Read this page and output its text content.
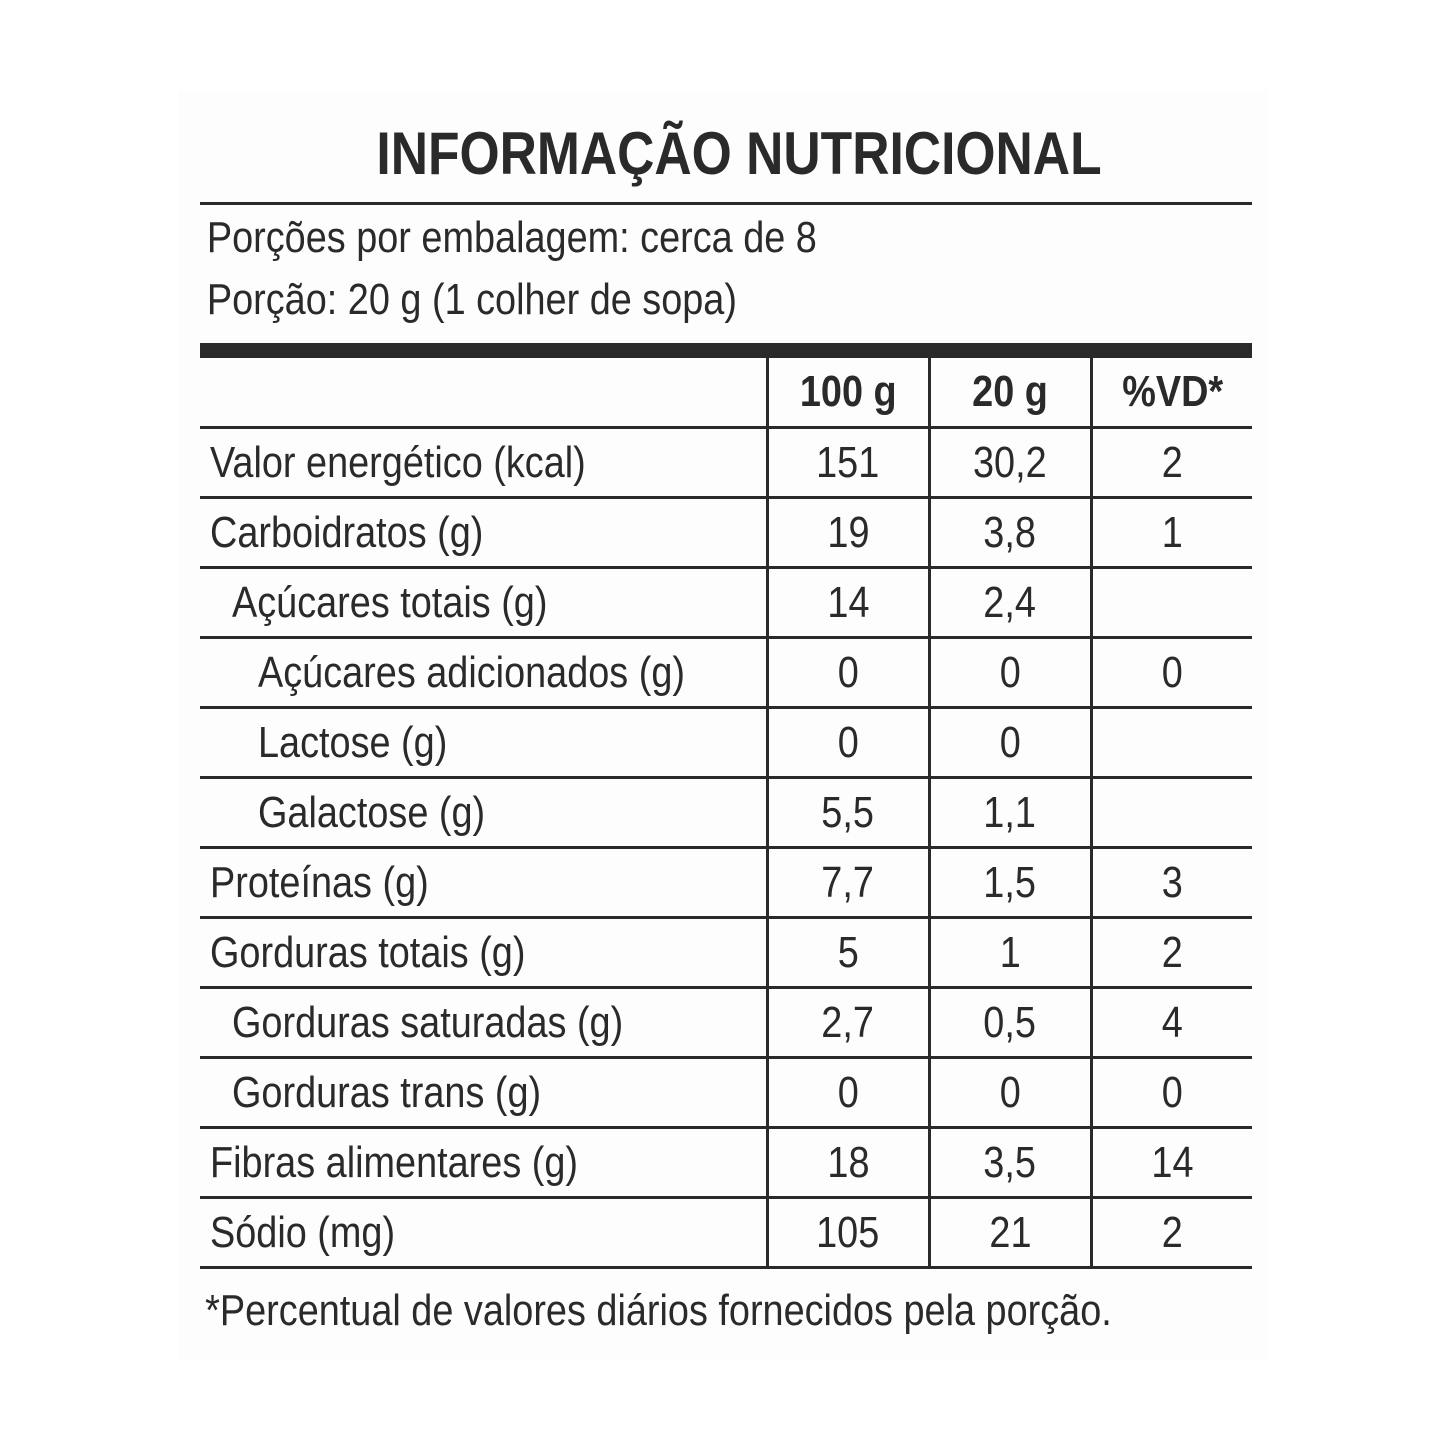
INFORMAÇÃO NUTRICIONAL
Porções por embalagem: cerca de 8
Porção: 20 g (1 colher de sopa)
	100 g	20 g	%VD*
Valor energético (kcal)	151	30,2	2
Carboidratos (g)	19	3,8	1
Açúcares totais (g)	14	2,4	
Açúcares adicionados (g)	0	0	0
Lactose (g)	0	0	
Galactose (g)	5,5	1,1	
Proteínas (g)	7,7	1,5	3
Gorduras totais (g)	5	1	2
Gorduras saturadas (g)	2,7	0,5	4
Gorduras trans (g)	0	0	0
Fibras alimentares (g)	18	3,5	14
Sódio (mg)	105	21	2
*Percentual de valores diários fornecidos pela porção.
